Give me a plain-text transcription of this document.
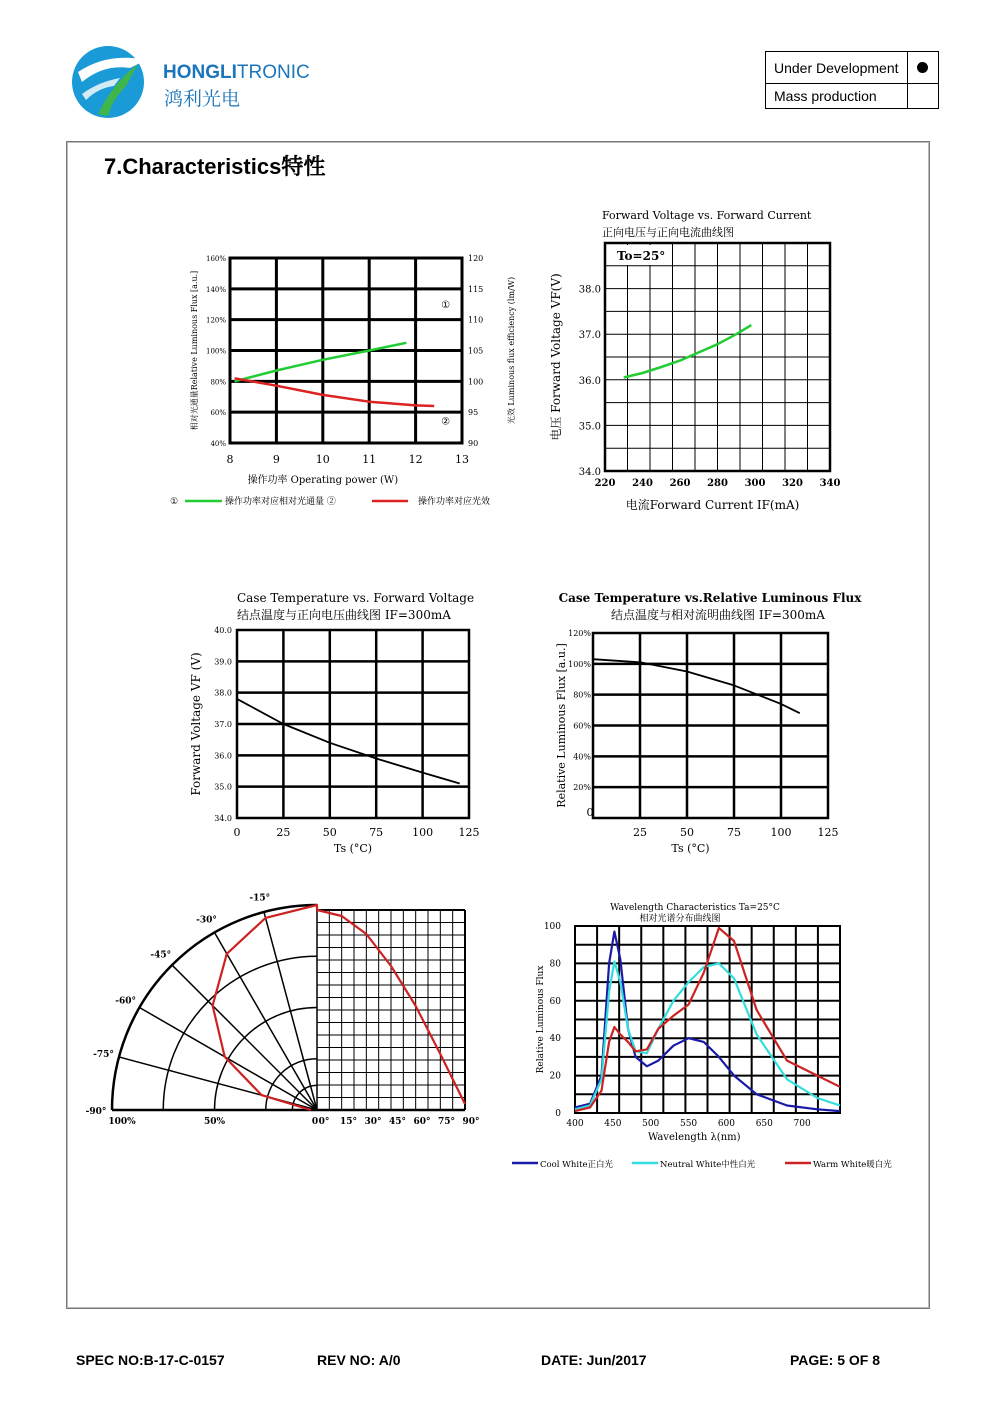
HONGLITRONIC
鸿利光电
Under Development	
Mass production	
7.Characteristics特性
8	9	10	11	12	13
40%
60%
80%
100%
120%
140%
160%
90
95
100
105
110
115
120
操作功率 Operating power (W)
相对光通量Relative Luminous Flux [a.u.]	光效 Luminous flux efficiency (lm/W)
①
②
①	操作功率对应相对光通量 ②	操作功率对应光效
Forward Voltage vs. Forward Current
正向电压与正向电流曲线图
To=25°
220 240 260 280 300 320 340
34.0
35.0
36.0
37.0
38.0
电流Forward Current IF(mA)
电压 Forward Voltage VF(V)
Case Temperature vs. Forward Voltage
结点温度与正向电压曲线图 IF=300mA
0	25	50	75	100 125
34.0
35.0
36.0
37.0
38.0
39.0
40.0
Ts (°C)
Forward Voltage VF (V)
Case Temperature vs.Relative Luminous Flux
结点温度与相对流明曲线图 IF=300mA
0
25	50	75	100 125
20%
40%
60%
80%
100%
120%
Ts (°C)
Relative Luminous Flux [a.u.]
-15°
-30°
-45°
-60°
-75°
-90°
100%	50%	0 0° 15° 30° 45° 60° 75° 90°
Wavelength Characteristics Ta=25°C
相对光谱分布曲线图
400 450 500 550 600 650 700
0
20
40
60
80
100
Wavelength λ(nm)
Relative Luminous Flux
Cool White正白光	Neutral White中性白光	Warm White暖白光
SPEC NO:B-17-C-0157	REV NO: A/0	DATE: Jun/2017	PAGE: 5 OF 8
